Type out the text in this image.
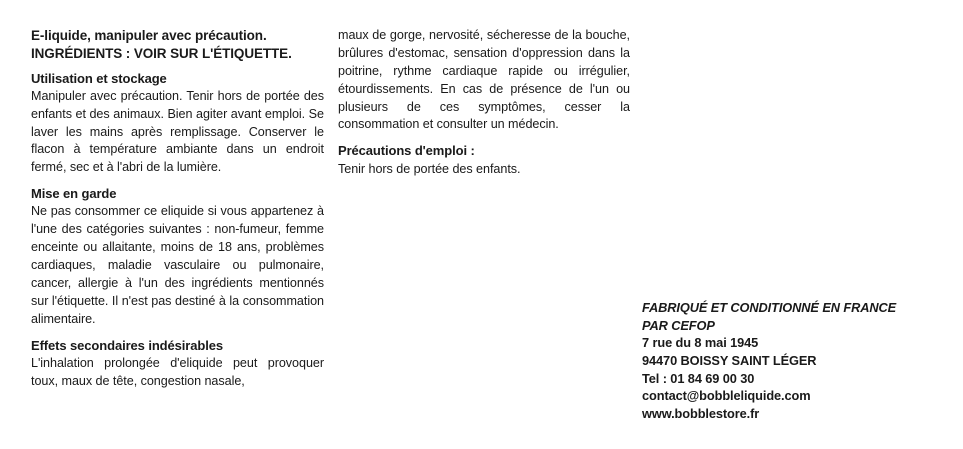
E-liquide, manipuler avec précaution.
INGRÉDIENTS : VOIR SUR L'ÉTIQUETTE.
Utilisation et stockage

Manipuler avec précaution. Tenir hors de portée des enfants et des animaux. Bien agiter avant emploi. Se laver les mains après remplissage. Conserver le flacon à température ambiante dans un endroit fermé, sec et à l'abri de la lumière.

Mise en garde

Ne pas consommer ce eliquide si vous appartenez à l'une des catégories suivantes : non-fumeur, femme enceinte ou allaitante, moins de 18 ans, problèmes cardiaques, maladie vasculaire ou pulmonaire, cancer, allergie à l'un des ingrédients mentionnés sur l'étiquette. Il n'est pas destiné à la consommation alimentaire.

Effets secondaires indésirables

L'inhalation prolongée d'eliquide peut provoquer toux, maux de tête, congestion nasale,

maux de gorge, nervosité, sécheresse de la bouche, brûlures d'estomac, sensation d'oppression dans la poitrine, rythme cardiaque rapide ou irrégulier, étourdissements. En cas de présence de l'un ou plusieurs de ces symptômes, cesser la consommation et consulter un médecin.

Précautions d'emploi :

Tenir hors de portée des enfants.

FABRIQUÉ ET CONDITIONNÉ EN FRANCE

PAR CEFOP

7 rue du 8 mai 1945

94470 BOISSY SAINT LÉGER

Tel : 01 84 69 00 30

contact@bobbleliquide.com

www.bobblestore.fr
